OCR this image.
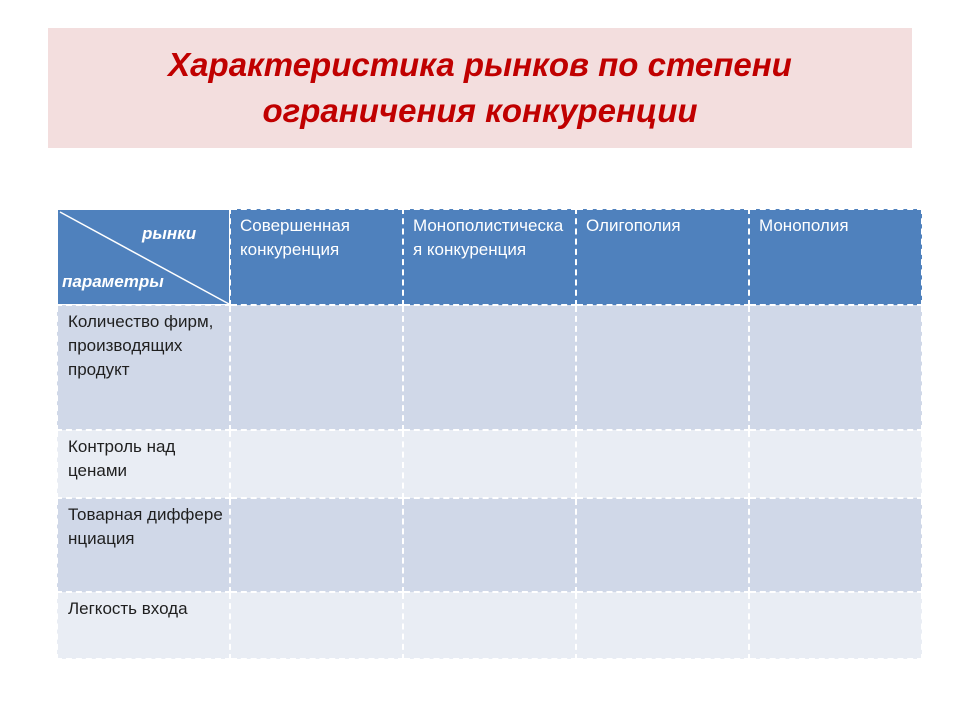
Характеристика рынков по степени
ограничения конкуренции
рынки
параметры	Совершенная конкуренция	Монополистическая конкуренция	Олигополия	Монополия

Количество фирм, производящих продукт				

Контроль над ценами				

Товарная дифференциация				

Легкость входа				
